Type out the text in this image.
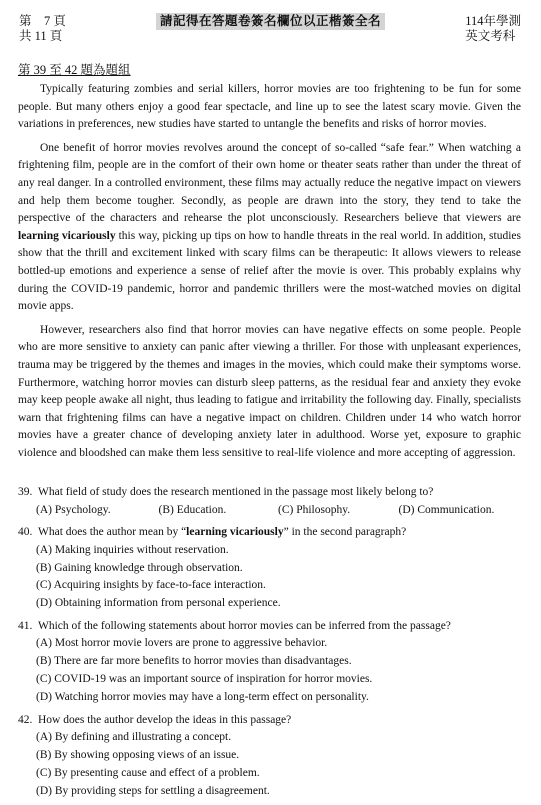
第　7 頁
共 11 頁
請記得在答題卷簽名欄位以正楷簽全名	114年學測
英文考科
第 39 至 42 題為題組

Typically featuring zombies and serial killers, horror movies are too frightening to be fun for some people. But many others enjoy a good fear spectacle, and line up to see the latest scary movie. Given the variations in preferences, new studies have started to untangle the benefits and risks of horror movies.

One benefit of horror movies revolves around the concept of so-called “safe fear.” When watching a frightening film, people are in the comfort of their own home or theater seats rather than under the threat of any real danger. In a controlled environment, these films may actually reduce the negative impact on viewers and help them become tougher. Secondly, as people are drawn into the story, they tend to take the perspective of the characters and rehearse the plot unconsciously. Researchers believe that viewers are learning vicariously this way, picking up tips on how to handle threats in the real world. In addition, studies show that the thrill and excitement linked with scary films can be therapeutic: It allows viewers to release bottled-up emotions and experience a sense of relief after the movie is over. This probably explains why during the COVID-19 pandemic, horror and pandemic thrillers were the most-watched movies on digital movie apps.

However, researchers also find that horror movies can have negative effects on some people. People who are more sensitive to anxiety can panic after viewing a thriller. For those with unpleasant experiences, trauma may be triggered by the themes and images in the movies, which could make their symptoms worse. Furthermore, watching horror movies can disturb sleep patterns, as the residual fear and anxiety they evoke may keep people awake all night, thus leading to fatigue and irritability the following day. Finally, specialists warn that frightening films can have a negative impact on children. Children under 14 who watch horror movies have a greater chance of developing anxiety later in adulthood. Worse yet, exposure to graphic violence and bloodshed can make them less sensitive to real-life violence and more accepting of aggression.

39. What field of study does the research mentioned in the passage most likely belong to?
(A) Psychology.	(B) Education.	(C) Philosophy.	(D) Communication.
40. What does the author mean by “learning vicariously” in the second paragraph?
(A) Making inquiries without reservation.
(B) Gaining knowledge through observation.
(C) Acquiring insights by face-to-face interaction.
(D) Obtaining information from personal experience.
41. Which of the following statements about horror movies can be inferred from the passage?
(A) Most horror movie lovers are prone to aggressive behavior.
(B) There are far more benefits to horror movies than disadvantages.
(C) COVID-19 was an important source of inspiration for horror movies.
(D) Watching horror movies may have a long-term effect on personality.
42. How does the author develop the ideas in this passage?
(A) By defining and illustrating a concept.
(B) By showing opposing views of an issue.
(C) By presenting cause and effect of a problem.
(D) By providing steps for settling a disagreement.
